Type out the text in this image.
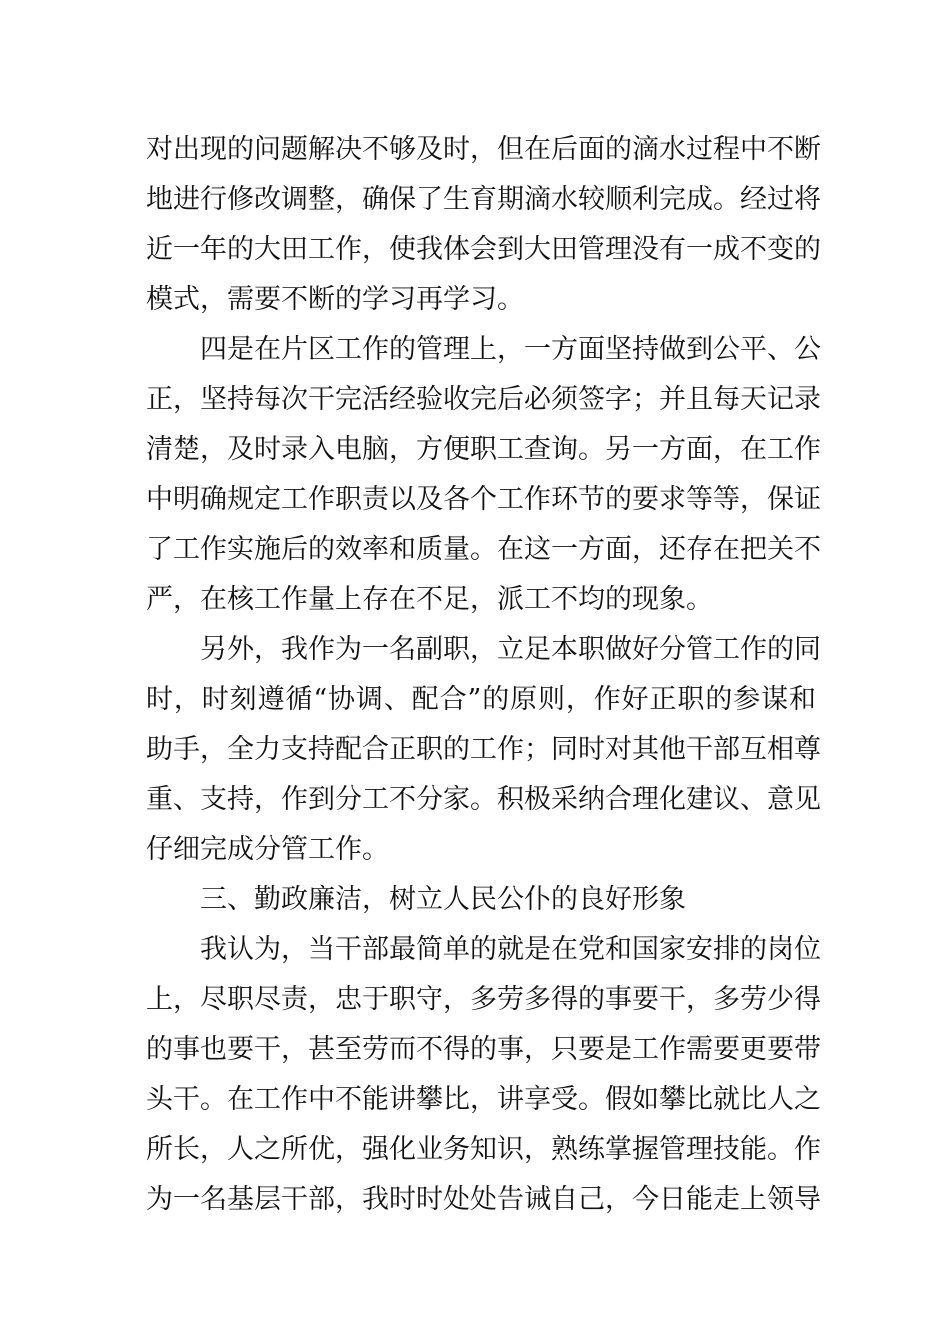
对出现的问题解决不够及时，但在后面的滴水过程中不断
地进行修改调整，确保了生育期滴水较顺利完成。经过将
近一年的大田工作，使我体会到大田管理没有一成不变的
模式，需要不断的学习再学习。
四是在片区工作的管理上，一方面坚持做到公平、公
正，坚持每次干完活经验收完后必须签字；并且每天记录
清楚，及时录入电脑，方便职工查询。另一方面，在工作
中明确规定工作职责以及各个工作环节的要求等等，保证
了工作实施后的效率和质量。在这一方面，还存在把关不
严，在核工作量上存在不足，派工不均的现象。
另外，我作为一名副职，立足本职做好分管工作的同
时，时刻遵循“协调、配合”的原则，作好正职的参谋和
助手，全力支持配合正职的工作；同时对其他干部互相尊
重、支持，作到分工不分家。积极采纳合理化建议、意见
仔细完成分管工作。
三、勤政廉洁，树立人民公仆的良好形象
我认为，当干部最简单的就是在党和国家安排的岗位
上，尽职尽责，忠于职守，多劳多得的事要干，多劳少得
的事也要干，甚至劳而不得的事，只要是工作需要更要带
头干。在工作中不能讲攀比，讲享受。假如攀比就比人之
所长，人之所优，强化业务知识，熟练掌握管理技能。作
为一名基层干部，我时时处处告诫自己，今日能走上领导
